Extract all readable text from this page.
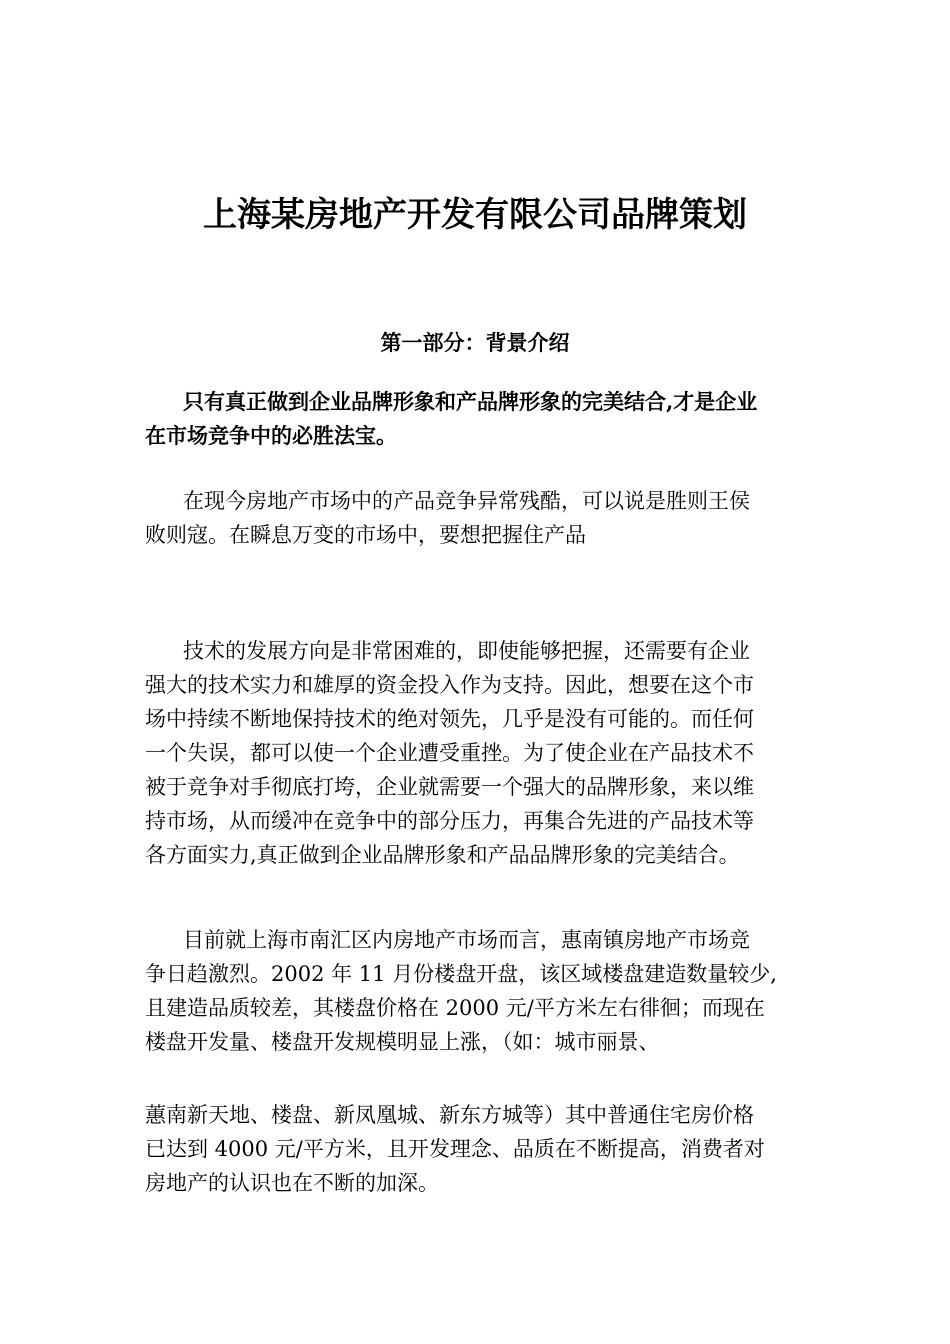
上海某房地产开发有限公司品牌策划
第一部分：背景介绍

只有真正做到企业品牌形象和产品牌形象的完美结合,才是企业
在市场竞争中的必胜法宝。

在现今房地产市场中的产品竞争异常残酷，可以说是胜则王侯
败则寇。在瞬息万变的市场中，要想把握住产品

技术的发展方向是非常困难的，即使能够把握，还需要有企业
强大的技术实力和雄厚的资金投入作为支持。因此，想要在这个市
场中持续不断地保持技术的绝对领先，几乎是没有可能的。而任何
一个失误，都可以使一个企业遭受重挫。为了使企业在产品技术不
被于竞争对手彻底打垮，企业就需要一个强大的品牌形象，来以维
持市场，从而缓冲在竞争中的部分压力，再集合先进的产品技术等
各方面实力,真正做到企业品牌形象和产品品牌形象的完美结合。

目前就上海市南汇区内房地产市场而言，惠南镇房地产市场竞
争日趋激烈。2002 年 11 月份楼盘开盘，该区域楼盘建造数量较少,
且建造品质较差，其楼盘价格在 2000 元/平方米左右徘徊；而现在
楼盘开发量、楼盘开发规模明显上涨，（如：城市丽景、

蕙南新天地、楼盘、新凤凰城、新东方城等）其中普通住宅房价格
已达到 4000 元/平方米，且开发理念、品质在不断提高，消费者对
房地产的认识也在不断的加深。
